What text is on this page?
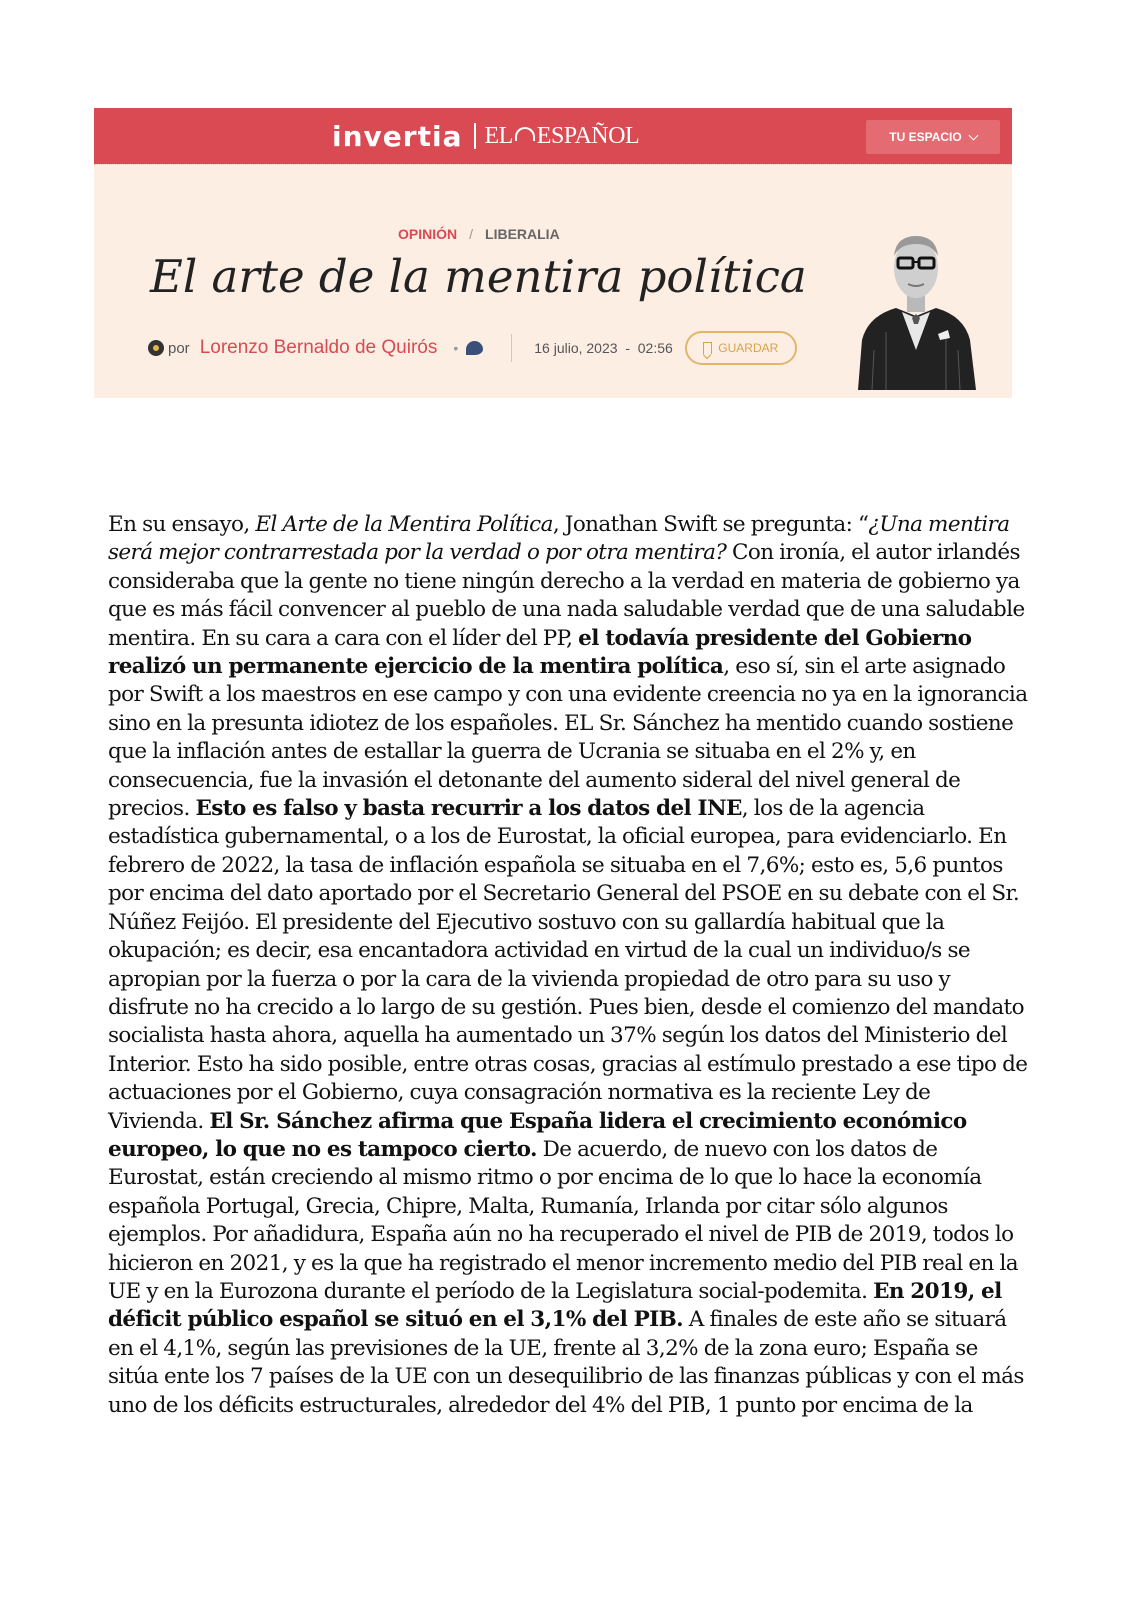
invertia EL ESPAÑOL	TU ESPACIO
OPINIÓN / LIBERALIA
El arte de la mentira política
por Lorenzo Bernaldo de Quirós •	16 julio, 2023  -  02:56	GUARDAR

En su ensayo, El Arte de la Mentira Política, Jonathan Swift se pregunta: “¿Una mentira será mejor contrarrestada por la verdad o por otra mentira? Con ironía, el autor irlandés consideraba que la gente no tiene ningún derecho a la verdad en materia de gobierno ya que es más fácil convencer al pueblo de una nada saludable verdad que de una saludable mentira. En su cara a cara con el líder del PP, el todavía presidente del Gobierno realizó un permanente ejercicio de la mentira política, eso sí, sin el arte asignado por Swift a los maestros en ese campo y con una evidente creencia no ya en la ignorancia sino en la presunta idiotez de los españoles. EL Sr. Sánchez ha mentido cuando sostiene que la inflación antes de estallar la guerra de Ucrania se situaba en el 2% y, en consecuencia, fue la invasión el detonante del aumento sideral del nivel general de precios. Esto es falso y basta recurrir a los datos del INE, los de la agencia estadística gubernamental, o a los de Eurostat, la oficial europea, para evidenciarlo. En febrero de 2022, la tasa de inflación española se situaba en el 7,6%; esto es, 5,6 puntos por encima del dato aportado por el Secretario General del PSOE en su debate con el Sr. Núñez Feijóo. El presidente del Ejecutivo sostuvo con su gallardía habitual que la okupación; es decir, esa encantadora actividad en virtud de la cual un individuo/s se apropian por la fuerza o por la cara de la vivienda propiedad de otro para su uso y disfrute no ha crecido a lo largo de su gestión. Pues bien, desde el comienzo del mandato socialista hasta ahora, aquella ha aumentado un 37% según los datos del Ministerio del Interior. Esto ha sido posible, entre otras cosas, gracias al estímulo prestado a ese tipo de actuaciones por el Gobierno, cuya consagración normativa es la reciente Ley de Vivienda. El Sr. Sánchez afirma que España lidera el crecimiento económico europeo, lo que no es tampoco cierto. De acuerdo, de nuevo con los datos de Eurostat, están creciendo al mismo ritmo o por encima de lo que lo hace la economía española Portugal, Grecia, Chipre, Malta, Rumanía, Irlanda por citar sólo algunos ejemplos. Por añadidura, España aún no ha recuperado el nivel de PIB de 2019, todos lo hicieron en 2021, y es la que ha registrado el menor incremento medio del PIB real en la UE y en la Eurozona durante el período de la Legislatura social-podemita. En 2019, el déficit público español se situó en el 3,1% del PIB. A finales de este año se situará en el 4,1%, según las previsiones de la UE, frente al 3,2% de la zona euro; España se sitúa ente los 7 países de la UE con un desequilibrio de las finanzas públicas y con el más uno de los déficits estructurales, alrededor del 4% del PIB, 1 punto por encima de la
